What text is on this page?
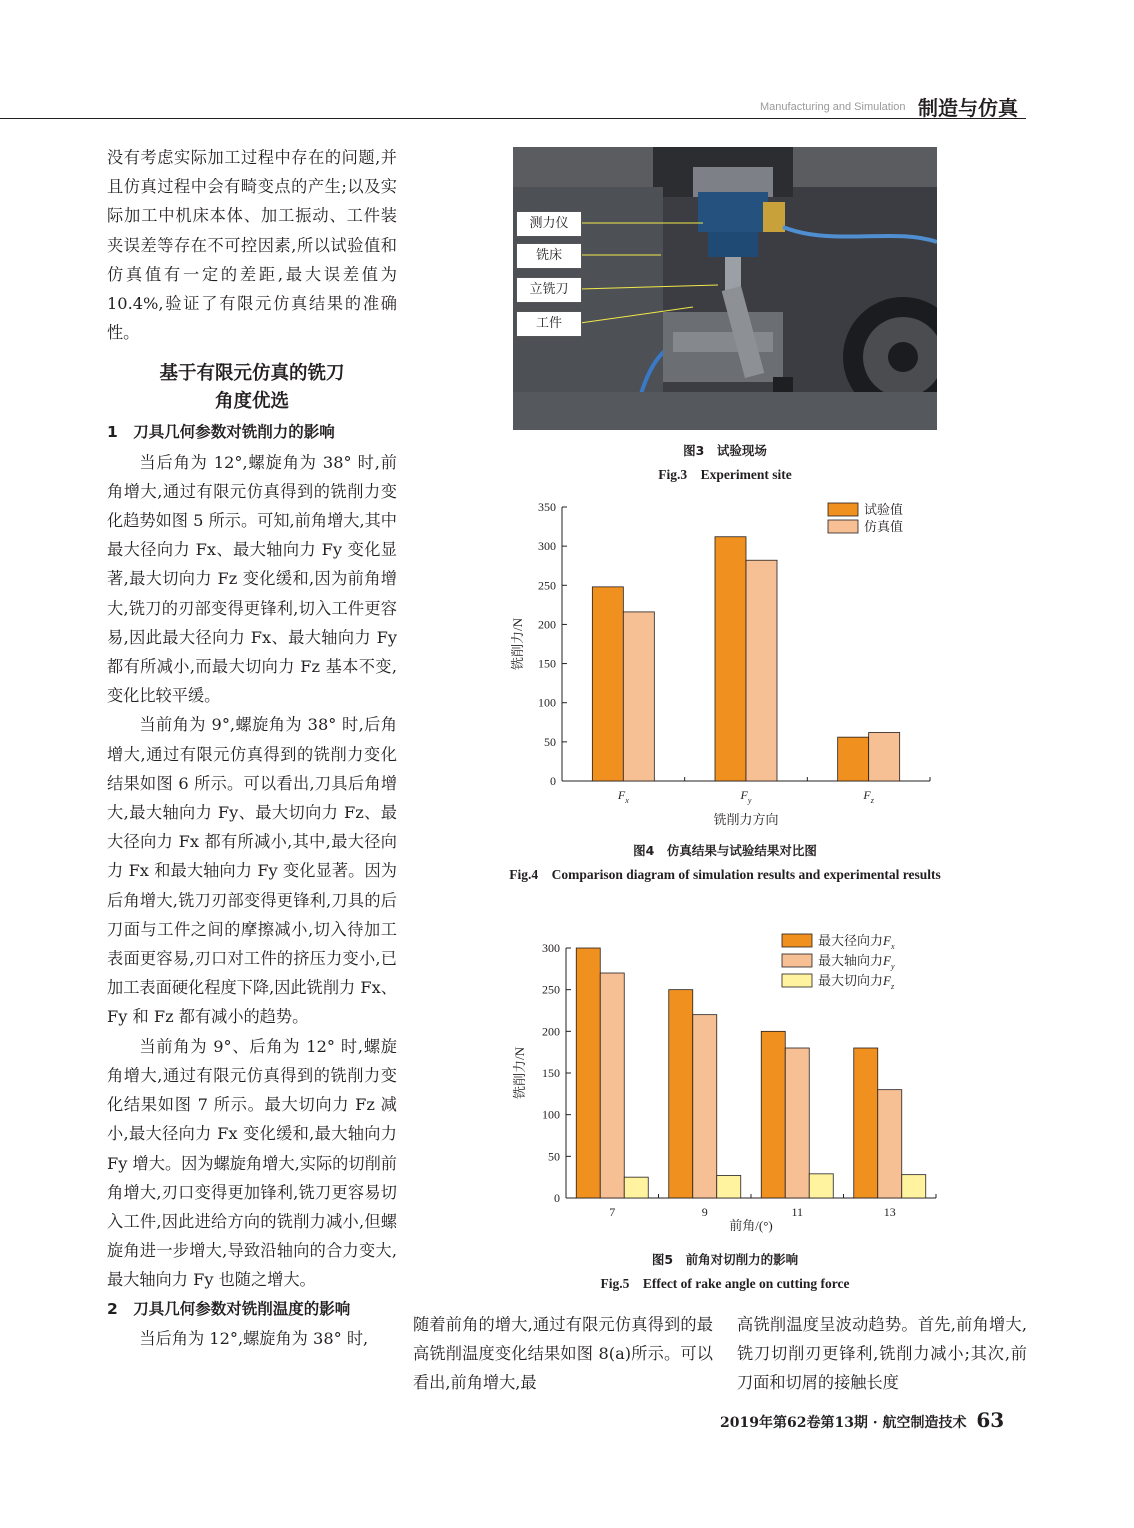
Manufacturing and Simulation 制造与仿真

没有考虑实际加工过程中存在的问题,并且仿真过程中会有畸变点的产生;以及实际加工中机床本体、加工振动、工件装夹误差等存在不可控因素,所以试验值和仿真值有一定的差距,最大误差值为 10.4%,验证了有限元仿真结果的准确性。

基于有限元仿真的铣刀
角度优选

1　刀具几何参数对铣削力的影响

当后角为 12°,螺旋角为 38° 时,前角增大,通过有限元仿真得到的铣削力变化趋势如图 5 所示。可知,前角增大,其中最大径向力 Fx、最大轴向力 Fy 变化显著,最大切向力 Fz 变化缓和,因为前角增大,铣刀的刃部变得更锋利,切入工件更容易,因此最大径向力 Fx、最大轴向力 Fy 都有所减小,而最大切向力 Fz 基本不变,变化比较平缓。

当前角为 9°,螺旋角为 38° 时,后角增大,通过有限元仿真得到的铣削力变化结果如图 6 所示。可以看出,刀具后角增大,最大轴向力 Fy、最大切向力 Fz、最大径向力 Fx 都有所减小,其中,最大径向力 Fx 和最大轴向力 Fy 变化显著。因为后角增大,铣刀刃部变得更锋利,刀具的后刀面与工件之间的摩擦减小,切入待加工表面更容易,刃口对工件的挤压力变小,已加工表面硬化程度下降,因此铣削力 Fx、Fy 和 Fz 都有减小的趋势。

当前角为 9°、后角为 12° 时,螺旋角增大,通过有限元仿真得到的铣削力变化结果如图 7 所示。最大切向力 Fz 减小,最大径向力 Fx 变化缓和,最大轴向力 Fy 增大。因为螺旋角增大,实际的切削前角增大,刃口变得更加锋利,铣刀更容易切入工件,因此进给方向的铣削力减小,但螺旋角进一步增大,导致沿轴向的合力变大,最大轴向力 Fy 也随之增大。

2　刀具几何参数对铣削温度的影响

当后角为 12°,螺旋角为 38° 时,

测力仪
铣床
立铣刀
工件
图3　试验现场
Fig.3　Experiment site
0
50
100
150
200
250
300
350
$F_x$	$F_y$	$F_z$
铣削力方向
铣削力/N
试验值
仿真值
图4　仿真结果与试验结果对比图
Fig.4　Comparison diagram of simulation results and experimental results
0
50
100
150
200
250
300
7	9	11	13
前角/(°)
铣削力/N
最大径向力$F_x$
最大轴向力$F_y$
最大切向力$F_z$
图5　前角对切削力的影响
Fig.5　Effect of rake angle on cutting force
随着前角的增大,通过有限元仿真得到的最高铣削温度变化结果如图 8(a)所示。可以看出,前角增大,最
高铣削温度呈波动趋势。首先,前角增大,铣刀切削刃更锋利,铣削力减小;其次,前刀面和切屑的接触长度
2019年第62卷第13期 · 航空制造技术 63
